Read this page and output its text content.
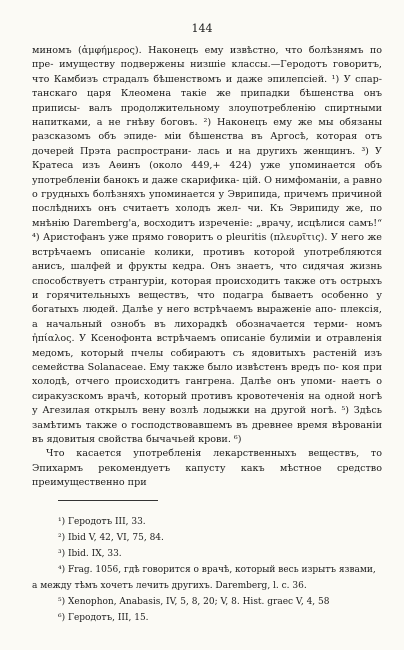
144

миномъ (ἀμφήμερος). Наконецъ ему извѣстно, что болѣзнямъ по пре- имуществу подвержены низшіе классы.—Геродотъ говоритъ, что Камбизъ страдалъ бѣшенствомъ и даже эпилепсіей. ¹) У спар- танскаго царя Клеомена такіе же припадки бѣшенства онъ приписы- валъ продолжительному злоупотребленію спиртными напитками, а не гнѣву боговъ. ²) Наконецъ ему же мы обязаны разсказомъ объ эпиде- міи бѣшенства въ Аргосѣ, которая отъ дочерей Прэта распространи- лась и на другихъ женщинъ. ³) У Кратеса изъ Аѳинъ (около 449,+ 424) уже упоминается объ употребленіи банокъ и даже скарифика- цій. О нимфоманіи, а равно о грудныхъ болѣзняхъ упоминается у Эврипида, причемъ причиной послѣднихъ онъ считаетъ холодъ жел- чи. Къ Эврипиду же, по мнѣнію Daremberg'а, восходитъ изреченіе: „врачу, исцѣлися самъ!“ ⁴) Аристофанъ уже прямо говоритъ о pleuritis (πλευρῖτις). У него же встрѣчаемъ описаніе колики, противъ которой употребляются анисъ, шалфей и фрукты кедра. Онъ знаетъ, что сидячая жизнь способствуетъ странгуріи, которая происходитъ также отъ острыхъ и горячительныхъ веществъ, что подагра бываетъ особенно у богатыхъ людей. Далѣе у него встрѣчаемъ выраженіе апо- плексія, а начальный ознобъ въ лихорадкѣ обозначается терми- номъ ἠπίαλος. У Ксенофонта встрѣчаемъ описаніе булиміи и отравленія медомъ, который пчелы собираютъ съ ядовитыхъ растеній изъ семейства Solanaceae. Ему также было извѣстенъ вредъ по- коя при холодѣ, отчего происходитъ гангрена. Далѣе онъ упоми- наетъ о сиракузскомъ врачѣ, который противъ кровотеченія на одной ногѣ у Агезилая открылъ вену возлѣ лодыжки на другой ногѣ. ⁵) Здѣсь замѣтимъ также о господствовавшемъ въ древнее время вѣрованіи въ ядовитыя свойства бычачьей крови. ⁶)

Что касается употребленія лекарственныхъ веществъ, то Эпихармъ рекомендуетъ капусту какъ мѣстное средство преимущественно при

¹) Геродотъ III, 33.
²) Ibid V, 42, VI, 75, 84.
³) Ibid. IX, 33.
⁴) Frag. 1056, гдѣ говорится о врачѣ, который весь изрытъ язвами,
а между тѣмъ хочетъ лечить другихъ. Daremberg, l. c. 36.
⁵) Xenophon, Anabasis, IV, 5, 8, 20; V, 8. Hist. graec V, 4, 58
⁶) Геродотъ, III, 15.
